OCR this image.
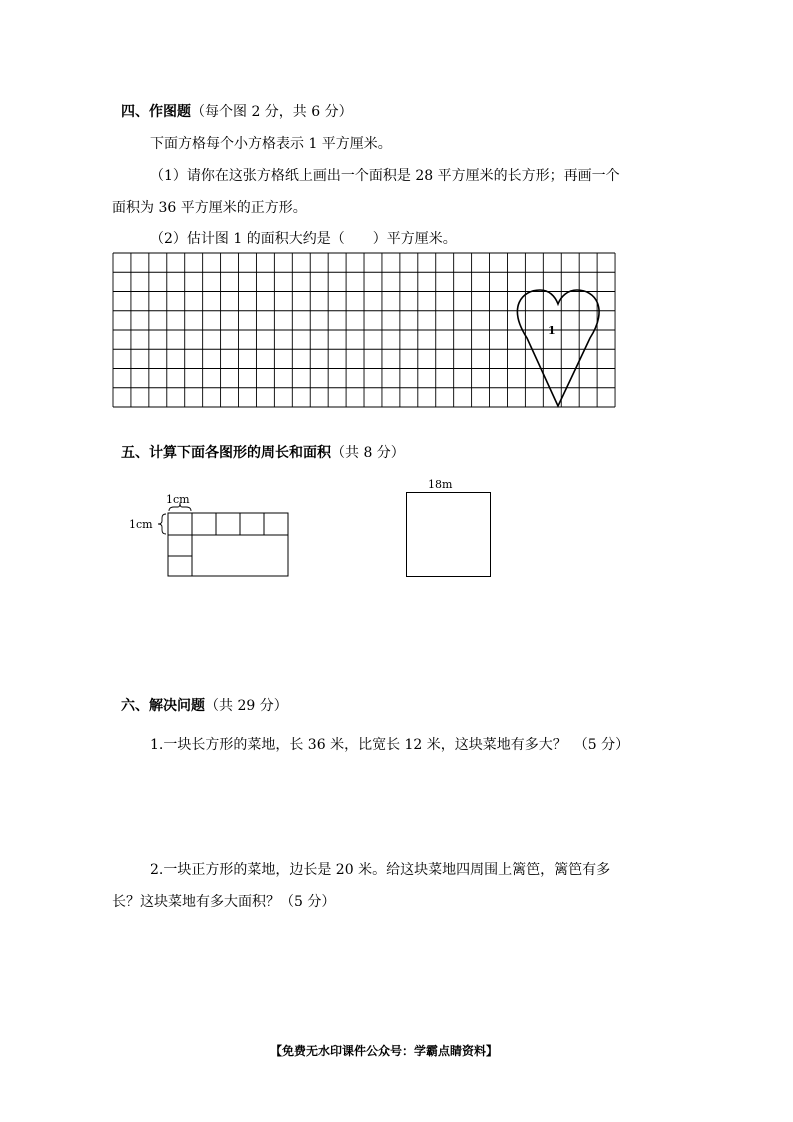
四、作图题（每个图 2 分，共 6 分）
下面方格每个小方格表示 1 平方厘米。
（1）请你在这张方格纸上画出一个面积是 28 平方厘米的长方形；再画一个
面积为 36 平方厘米的正方形。
（2）估计图 1 的面积大约是（　　）平方厘米。
1
五、计算下面各图形的周长和面积（共 8 分）
1cm
1cm
18m
六、解决问题（共 29 分）
1.一块长方形的菜地，长 36 米，比宽长 12 米，这块菜地有多大？　（5 分）
2.一块正方形的菜地，边长是 20 米。给这块菜地四周围上篱笆，篱笆有多
长？这块菜地有多大面积？（5 分）
【免费无水印课件公众号：学霸点睛资料】
